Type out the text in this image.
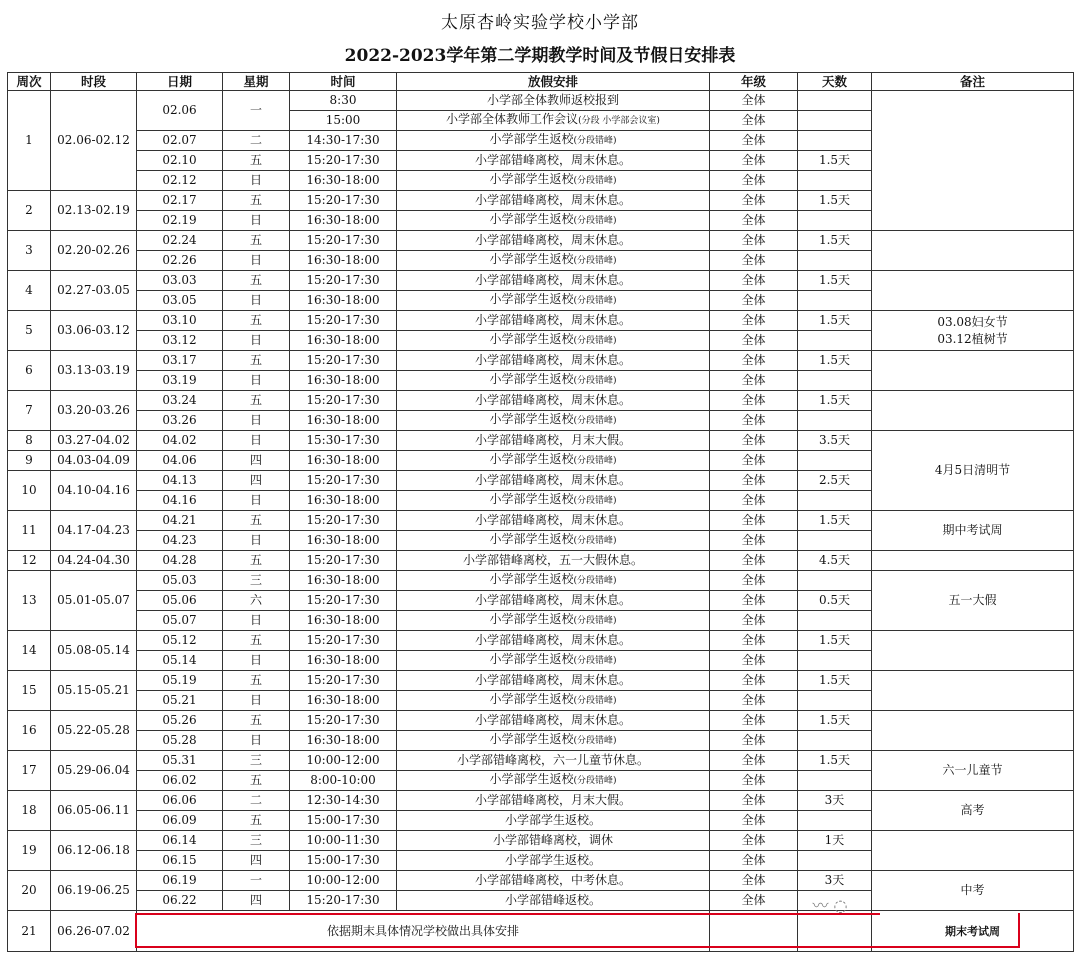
太原杏岭实验学校小学部
2022-2023学年第二学期教学时间及节假日安排表
周次	时段	日期	星期	时间	放假安排	年级	天数	备注
1	02.06-02.12	02.06	一	8:30	小学部全体教师返校报到	全体		
				15:00	小学部全体教师工作会议(分段 小学部会议室)	全体		
		02.07	二	14:30-17:30	小学部学生返校(分段错峰)	全体		
		02.10	五	15:20-17:30	小学部错峰离校，周末休息。	全体	1.5天	
		02.12	日	16:30-18:00	小学部学生返校(分段错峰)	全体		
2	02.13-02.19	02.17	五	15:20-17:30	小学部错峰离校，周末休息。	全体	1.5天	
		02.19	日	16:30-18:00	小学部学生返校(分段错峰)	全体		
3	02.20-02.26	02.24	五	15:20-17:30	小学部错峰离校，周末休息。	全体	1.5天	
		02.26	日	16:30-18:00	小学部学生返校(分段错峰)	全体		
4	02.27-03.05	03.03	五	15:20-17:30	小学部错峰离校，周末休息。	全体	1.5天	
		03.05	日	16:30-18:00	小学部学生返校(分段错峰)	全体		
5	03.06-03.12	03.10	五	15:20-17:30	小学部错峰离校，周末休息。	全体	1.5天	03.08妇女节
03.12植树节

		03.12	日	16:30-18:00	小学部学生返校(分段错峰)	全体		
6	03.13-03.19	03.17	五	15:20-17:30	小学部错峰离校，周末休息。	全体	1.5天	
		03.19	日	16:30-18:00	小学部学生返校(分段错峰)	全体		
7	03.20-03.26	03.24	五	15:20-17:30	小学部错峰离校，周末休息。	全体	1.5天	
		03.26	日	16:30-18:00	小学部学生返校(分段错峰)	全体		
8	03.27-04.02	04.02	日	15:30-17:30	小学部错峰离校，月末大假。	全体	3.5天	4月5日清明节

9	04.03-04.09	04.06	四	16:30-18:00	小学部学生返校(分段错峰)	全体		
10	04.10-04.16	04.13	四	15:20-17:30	小学部错峰离校，周末休息。	全体	2.5天	
		04.16	日	16:30-18:00	小学部学生返校(分段错峰)	全体		
11	04.17-04.23	04.21	五	15:20-17:30	小学部错峰离校，周末休息。	全体	1.5天	期中考试周

		04.23	日	16:30-18:00	小学部学生返校(分段错峰)	全体		
12	04.24-04.30	04.28	五	15:20-17:30	小学部错峰离校，五一大假休息。	全体	4.5天	
13	05.01-05.07	05.03	三	16:30-18:00	小学部学生返校(分段错峰)	全体		五一大假

		05.06	六	15:20-17:30	小学部错峰离校，周末休息。	全体	0.5天	
		05.07	日	16:30-18:00	小学部学生返校(分段错峰)	全体		
14	05.08-05.14	05.12	五	15:20-17:30	小学部错峰离校，周末休息。	全体	1.5天	
		05.14	日	16:30-18:00	小学部学生返校(分段错峰)	全体		
15	05.15-05.21	05.19	五	15:20-17:30	小学部错峰离校，周末休息。	全体	1.5天	
		05.21	日	16:30-18:00	小学部学生返校(分段错峰)	全体		
16	05.22-05.28	05.26	五	15:20-17:30	小学部错峰离校，周末休息。	全体	1.5天	
		05.28	日	16:30-18:00	小学部学生返校(分段错峰)	全体		
17	05.29-06.04	05.31	三	10:00-12:00	小学部错峰离校，六一儿童节休息。	全体	1.5天	六一儿童节

		06.02	五	8:00-10:00	小学部学生返校(分段错峰)	全体		
18	06.05-06.11	06.06	二	12:30-14:30	小学部错峰离校，月末大假。	全体	3天	高考

		06.09	五	15:00-17:30	小学部学生返校。	全体		
19	06.12-06.18	06.14	三	10:00-11:30	小学部错峰离校，调休	全体	1天	
		06.15	四	15:00-17:30	小学部学生返校。	全体		
20	06.19-06.25	06.19	一	10:00-12:00	小学部错峰离校，中考休息。	全体	3天	中考

		06.22	四	15:20-17:30	小学部错峰返校。	全体		
21	06.26-07.02	依据期末具体情况学校做出具体安排						期末考试周
〰 ◌
